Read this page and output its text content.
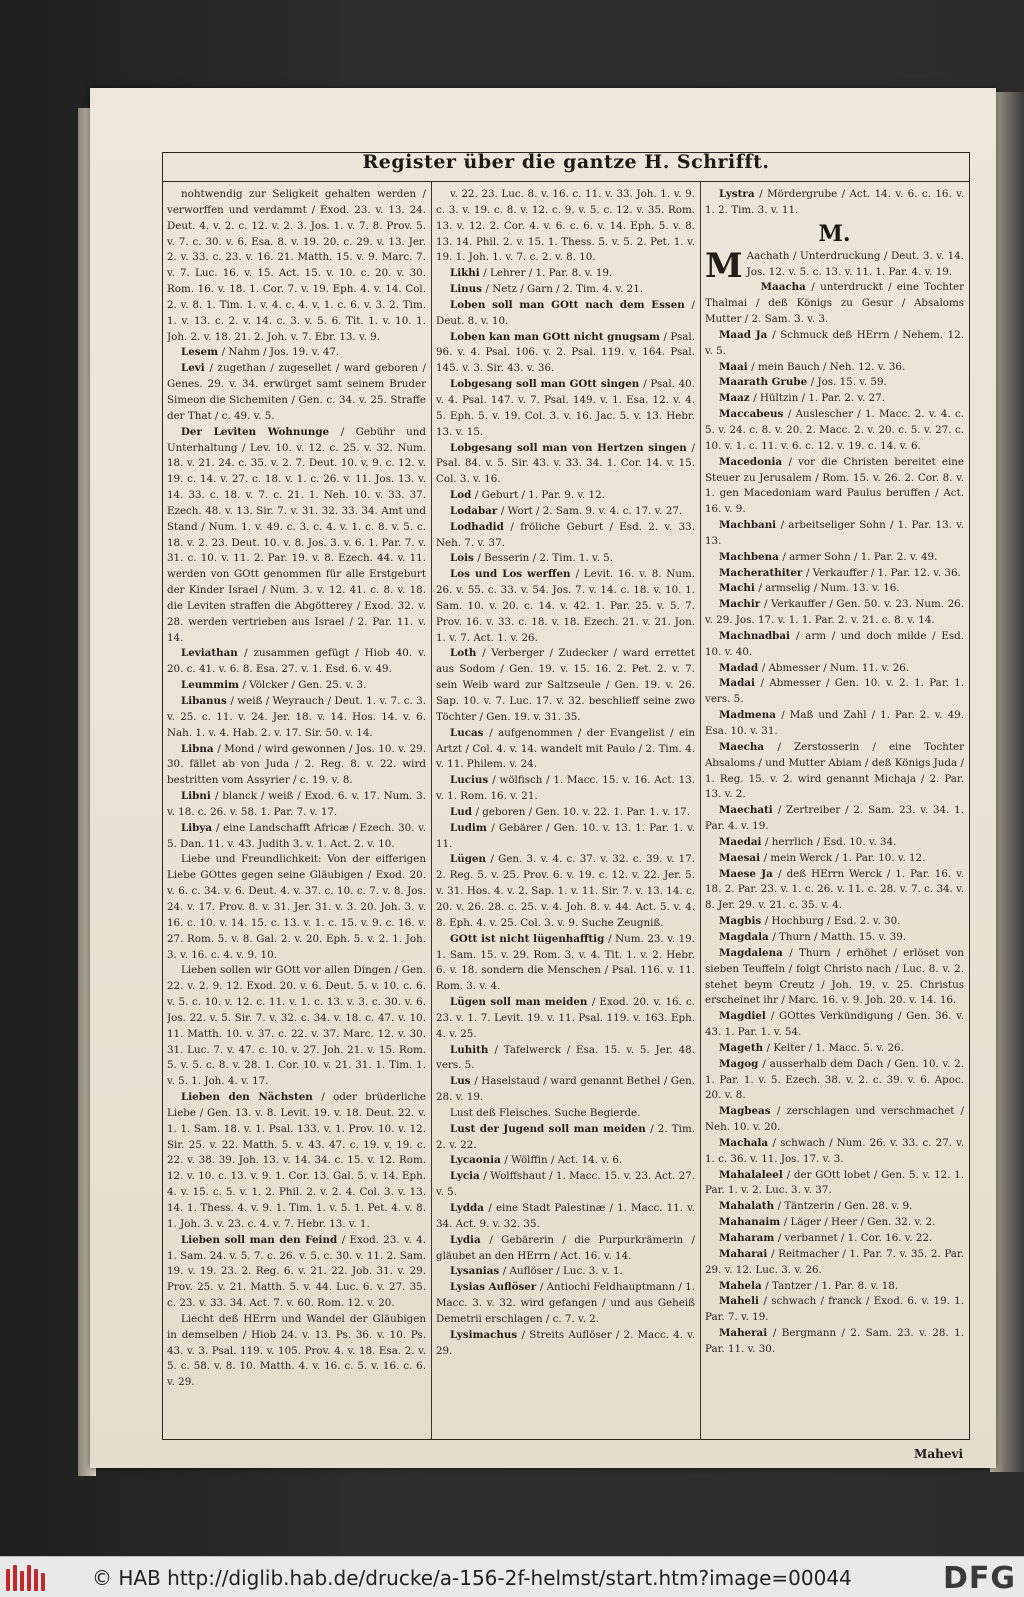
Register über die gantze H. Schrifft.

nohtwendig zur Seligkeit gehalten werden / verworffen und verdammt / Exod. 23. v. 13. 24. Deut. 4. v. 2. c. 12. v. 2. 3. Jos. 1. v. 7. 8. Prov. 5. v. 7. c. 30. v. 6. Esa. 8. v. 19. 20. c. 29. v. 13. Jer. 2. v. 33. c. 23. v. 16. 21. Matth. 15. v. 9. Marc. 7. v. 7. Luc. 16. v. 15. Act. 15. v. 10. c. 20. v. 30. Rom. 16. v. 18. 1. Cor. 7. v. 19. Eph. 4. v. 14. Col. 2. v. 8. 1. Tim. 1. v. 4. c. 4. v. 1. c. 6. v. 3. 2. Tim. 1. v. 13. c. 2. v. 14. c. 3. v. 5. 6. Tit. 1. v. 10. 1. Joh. 2. v. 18. 21. 2. Joh. v. 7. Ebr. 13. v. 9.

Lesem / Nahm / Jos. 19. v. 47.

Levi / zugethan / zugesellet / ward geboren / Genes. 29. v. 34. erwürget samt seinem Bruder Simeon die Sichemiten / Gen. c. 34. v. 25. Straffe der That / c. 49. v. 5.

Der Leviten Wohnunge / Gebühr und Unterhaltung / Lev. 10. v. 12. c. 25. v. 32. Num. 18. v. 21. 24. c. 35. v. 2. 7. Deut. 10. v. 9. c. 12. v. 19. c. 14. v. 27. c. 18. v. 1. c. 26. v. 11. Jos. 13. v. 14. 33. c. 18. v. 7. c. 21. 1. Neh. 10. v. 33. 37. Ezech. 48. v. 13. Sir. 7. v. 31. 32. 33. 34. Amt und Stand / Num. 1. v. 49. c. 3. c. 4. v. 1. c. 8. v. 5. c. 18. v. 2. 23. Deut. 10. v. 8. Jos. 3. v. 6. 1. Par. 7. v. 31. c. 10. v. 11. 2. Par. 19. v. 8. Ezech. 44. v. 11. werden von GOtt genommen für alle Erstgeburt der Kinder Israel / Num. 3. v. 12. 41. c. 8. v. 18. die Leviten straffen die Abgötterey / Exod. 32. v. 28. werden vertrieben aus Israel / 2. Par. 11. v. 14.

Leviathan / zusammen gefügt / Hiob 40. v. 20. c. 41. v. 6. 8. Esa. 27. v. 1. Esd. 6. v. 49.

Leummim / Völcker / Gen. 25. v. 3.

Libanus / weiß / Weyrauch / Deut. 1. v. 7. c. 3. v. 25. c. 11. v. 24. Jer. 18. v. 14. Hos. 14. v. 6. Nah. 1. v. 4. Hab. 2. v. 17. Sir. 50. v. 14.

Libna / Mond / wird gewonnen / Jos. 10. v. 29. 30. fället ab von Juda / 2. Reg. 8. v. 22. wird bestritten vom Assyrier / c. 19. v. 8.

Libni / blanck / weiß / Exod. 6. v. 17. Num. 3. v. 18. c. 26. v. 58. 1. Par. 7. v. 17.

Libya / eine Landschafft Africæ / Ezech. 30. v. 5. Dan. 11. v. 43. Judith 3. v. 1. Act. 2. v. 10.

Liebe und Freundlichkeit: Von der eifferigen Liebe GOttes gegen seine Gläubigen / Exod. 20. v. 6. c. 34. v. 6. Deut. 4. v. 37. c. 10. c. 7. v. 8. Jos. 24. v. 17. Prov. 8. v. 31. Jer. 31. v. 3. 20. Joh. 3. v. 16. c. 10. v. 14. 15. c. 13. v. 1. c. 15. v. 9. c. 16. v. 27. Rom. 5. v. 8. Gal. 2. v. 20. Eph. 5. v. 2. 1. Joh. 3. v. 16. c. 4. v. 9. 10.

Lieben sollen wir GOtt vor allen Dingen / Gen. 22. v. 2. 9. 12. Exod. 20. v. 6. Deut. 5. v. 10. c. 6. v. 5. c. 10. v. 12. c. 11. v. 1. c. 13. v. 3. c. 30. v. 6. Jos. 22. v. 5. Sir. 7. v. 32. c. 34. v. 18. c. 47. v. 10. 11. Matth. 10. v. 37. c. 22. v. 37. Marc. 12. v. 30. 31. Luc. 7. v. 47. c. 10. v. 27. Joh. 21. v. 15. Rom. 5. v. 5. c. 8. v. 28. 1. Cor. 10. v. 21. 31. 1. Tim. 1. v. 5. 1. Joh. 4. v. 17.

Lieben den Nächsten / oder brüderliche Liebe / Gen. 13. v. 8. Levit. 19. v. 18. Deut. 22. v. 1. 1. Sam. 18. v. 1. Psal. 133. v. 1. Prov. 10. v. 12. Sir. 25. v. 22. Matth. 5. v. 43. 47. c. 19. v. 19. c. 22. v. 38. 39. Joh. 13. v. 14. 34. c. 15. v. 12. Rom. 12. v. 10. c. 13. v. 9. 1. Cor. 13. Gal. 5. v. 14. Eph. 4. v. 15. c. 5. v. 1. 2. Phil. 2. v. 2. 4. Col. 3. v. 13. 14. 1. Thess. 4. v. 9. 1. Tim. 1. v. 5. 1. Pet. 4. v. 8. 1. Joh. 3. v. 23. c. 4. v. 7. Hebr. 13. v. 1.

Lieben soll man den Feind / Exod. 23. v. 4. 1. Sam. 24. v. 5. 7. c. 26. v. 5. c. 30. v. 11. 2. Sam. 19. v. 19. 23. 2. Reg. 6. v. 21. 22. Job. 31. v. 29. Prov. 25. v. 21. Matth. 5. v. 44. Luc. 6. v. 27. 35. c. 23. v. 33. 34. Act. 7. v. 60. Rom. 12. v. 20.

Liecht deß HErrn und Wandel der Gläubigen in demselben / Hiob 24. v. 13. Ps. 36. v. 10. Ps. 43. v. 3. Psal. 119. v. 105. Prov. 4. v. 18. Esa. 2. v. 5. c. 58. v. 8. 10. Matth. 4. v. 16. c. 5. v. 16. c. 6. v. 29.

v. 22. 23. Luc. 8. v. 16. c. 11. v. 33. Joh. 1. v. 9. c. 3. v. 19. c. 8. v. 12. c. 9. v. 5. c. 12. v. 35. Rom. 13. v. 12. 2. Cor. 4. v. 6. c. 6. v. 14. Eph. 5. v. 8. 13. 14. Phil. 2. v. 15. 1. Thess. 5. v. 5. 2. Pet. 1. v. 19. 1. Joh. 1. v. 7. c. 2. v. 8. 10.

Likhi / Lehrer / 1. Par. 8. v. 19.

Linus / Netz / Garn / 2. Tim. 4. v. 21.

Loben soll man GOtt nach dem Essen / Deut. 8. v. 10.

Loben kan man GOtt nicht gnugsam / Psal. 96. v. 4. Psal. 106. v. 2. Psal. 119. v. 164. Psal. 145. v. 3. Sir. 43. v. 36.

Lobgesang soll man GOtt singen / Psal. 40. v. 4. Psal. 147. v. 7. Psal. 149. v. 1. Esa. 12. v. 4. 5. Eph. 5. v. 19. Col. 3. v. 16. Jac. 5. v. 13. Hebr. 13. v. 15.

Lobgesang soll man von Hertzen singen / Psal. 84. v. 5. Sir. 43. v. 33. 34. 1. Cor. 14. v. 15. Col. 3. v. 16.

Lod / Geburt / 1. Par. 9. v. 12.

Lodabar / Wort / 2. Sam. 9. v. 4. c. 17. v. 27.

Lodhadid / fröliche Geburt / Esd. 2. v. 33. Neh. 7. v. 37.

Lois / Besserin / 2. Tim. 1. v. 5.

Los und Los werffen / Levit. 16. v. 8. Num. 26. v. 55. c. 33. v. 54. Jos. 7. v. 14. c. 18. v. 10. 1. Sam. 10. v. 20. c. 14. v. 42. 1. Par. 25. v. 5. 7. Prov. 16. v. 33. c. 18. v. 18. Ezech. 21. v. 21. Jon. 1. v. 7. Act. 1. v. 26.

Loth / Verberger / Zudecker / ward errettet aus Sodom / Gen. 19. v. 15. 16. 2. Pet. 2. v. 7. sein Weib ward zur Saltzseule / Gen. 19. v. 26. Sap. 10. v. 7. Luc. 17. v. 32. beschlieff seine zwo Töchter / Gen. 19. v. 31. 35.

Lucas / aufgenommen / der Evangelist / ein Artzt / Col. 4. v. 14. wandelt mit Paulo / 2. Tim. 4. v. 11. Philem. v. 24.

Lucius / wölfisch / 1. Macc. 15. v. 16. Act. 13. v. 1. Rom. 16. v. 21.

Lud / geboren / Gen. 10. v. 22. 1. Par. 1. v. 17.

Ludim / Gebärer / Gen. 10. v. 13. 1. Par. 1. v. 11.

Lügen / Gen. 3. v. 4. c. 37. v. 32. c. 39. v. 17. 2. Reg. 5. v. 25. Prov. 6. v. 19. c. 12. v. 22. Jer. 5. v. 31. Hos. 4. v. 2. Sap. 1. v. 11. Sir. 7. v. 13. 14. c. 20. v. 26. 28. c. 25. v. 4. Joh. 8. v. 44. Act. 5. v. 4. 8. Eph. 4. v. 25. Col. 3. v. 9. Suche Zeugniß.

GOtt ist nicht lügenhafftig / Num. 23. v. 19. 1. Sam. 15. v. 29. Rom. 3. v. 4. Tit. 1. v. 2. Hebr. 6. v. 18. sondern die Menschen / Psal. 116. v. 11. Rom. 3. v. 4.

Lügen soll man meiden / Exod. 20. v. 16. c. 23. v. 1. 7. Levit. 19. v. 11. Psal. 119. v. 163. Eph. 4. v. 25.

Luhith / Tafelwerck / Esa. 15. v. 5. Jer. 48. vers. 5.

Lus / Haselstaud / ward genannt Bethel / Gen. 28. v. 19.

Lust deß Fleisches. Suche Begierde.

Lust der Jugend soll man meiden / 2. Tim. 2. v. 22.

Lycaonia / Wölffin / Act. 14. v. 6.

Lycia / Wolffshaut / 1. Macc. 15. v. 23. Act. 27. v. 5.

Lydda / eine Stadt Palestinæ / 1. Macc. 11. v. 34. Act. 9. v. 32. 35.

Lydia / Gebärerin / die Purpurkrämerin / gläubet an den HErrn / Act. 16. v. 14.

Lysanias / Auflöser / Luc. 3. v. 1.

Lysias Auflöser / Antiochi Feldhauptmann / 1. Macc. 3. v. 32. wird gefangen / und aus Geheiß Demetrii erschlagen / c. 7. v. 2.

Lysimachus / Streits Auflöser / 2. Macc. 4. v. 29.

Lystra / Mördergrube / Act. 14. v. 6. c. 16. v. 1. 2. Tim. 3. v. 11.

M.

M Aachath / Unterdruckung / Deut. 3. v. 14. Jos. 12. v. 5. c. 13. v. 11. 1. Par. 4. v. 19.

Maacha / unterdruckt / eine Tochter Thalmai / deß Königs zu Gesur / Absaloms Mutter / 2. Sam. 3. v. 3.

Maad Ja / Schmuck deß HErrn / Nehem. 12. v. 5.

Maai / mein Bauch / Neh. 12. v. 36.

Maarath Grube / Jos. 15. v. 59.

Maaz / Hültzin / 1. Par. 2. v. 27.

Maccabeus / Auslescher / 1. Macc. 2. v. 4. c. 5. v. 24. c. 8. v. 20. 2. Macc. 2. v. 20. c. 5. v. 27. c. 10. v. 1. c. 11. v. 6. c. 12. v. 19. c. 14. v. 6.

Macedonia / vor die Christen bereitet eine Steuer zu Jerusalem / Rom. 15. v. 26. 2. Cor. 8. v. 1. gen Macedoniam ward Paulus beruffen / Act. 16. v. 9.

Machbani / arbeitseliger Sohn / 1. Par. 13. v. 13.

Machbena / armer Sohn / 1. Par. 2. v. 49.

Macherathiter / Verkauffer / 1. Par. 12. v. 36.

Machi / armselig / Num. 13. v. 16.

Machir / Verkauffer / Gen. 50. v. 23. Num. 26. v. 29. Jos. 17. v. 1. 1. Par. 2. v. 21. c. 8. v. 14.

Machnadbai / arm / und doch milde / Esd. 10. v. 40.

Madad / Abmesser / Num. 11. v. 26.

Madai / Abmesser / Gen. 10. v. 2. 1. Par. 1. vers. 5.

Madmena / Maß und Zahl / 1. Par. 2. v. 49. Esa. 10. v. 31.

Maecha / Zerstosserin / eine Tochter Absaloms / und Mutter Abiam / deß Königs Juda / 1. Reg. 15. v. 2. wird genannt Michaja / 2. Par. 13. v. 2.

Maechati / Zertreiber / 2. Sam. 23. v. 34. 1. Par. 4. v. 19.

Maedai / herrlich / Esd. 10. v. 34.

Maesai / mein Werck / 1. Par. 10. v. 12.

Maese Ja / deß HErrn Werck / 1. Par. 16. v. 18. 2. Par. 23. v. 1. c. 26. v. 11. c. 28. v. 7. c. 34. v. 8. Jer. 29. v. 21. c. 35. v. 4.

Magbis / Hochburg / Esd. 2. v. 30.

Magdala / Thurn / Matth. 15. v. 39.

Magdalena / Thurn / erhöhet / erlöset von sieben Teuffeln / folgt Christo nach / Luc. 8. v. 2. stehet beym Creutz / Joh. 19. v. 25. Christus erscheinet ihr / Marc. 16. v. 9. Joh. 20. v. 14. 16.

Magdiel / GOttes Verkündigung / Gen. 36. v. 43. 1. Par. 1. v. 54.

Mageth / Kelter / 1. Macc. 5. v. 26.

Magog / ausserhalb dem Dach / Gen. 10. v. 2. 1. Par. 1. v. 5. Ezech. 38. v. 2. c. 39. v. 6. Apoc. 20. v. 8.

Magbeas / zerschlagen und verschmachet / Neh. 10. v. 20.

Machala / schwach / Num. 26. v. 33. c. 27. v. 1. c. 36. v. 11. Jos. 17. v. 3.

Mahalaleel / der GOtt lobet / Gen. 5. v. 12. 1. Par. 1. v. 2. Luc. 3. v. 37.

Mahalath / Täntzerin / Gen. 28. v. 9.

Mahanaim / Läger / Heer / Gen. 32. v. 2.

Maharam / verbannet / 1. Cor. 16. v. 22.

Maharai / Reitmacher / 1. Par. 7. v. 35. 2. Par. 29. v. 12. Luc. 3. v. 26.

Mahela / Tantzer / 1. Par. 8. v. 18.

Maheli / schwach / franck / Exod. 6. v. 19. 1. Par. 7. v. 19.

Maherai / Bergmann / 2. Sam. 23. v. 28. 1. Par. 11. v. 30.

Mahevi
© HAB http://diglib.hab.de/drucke/a-156-2f-helmst/start.htm?image=00044	DFG
